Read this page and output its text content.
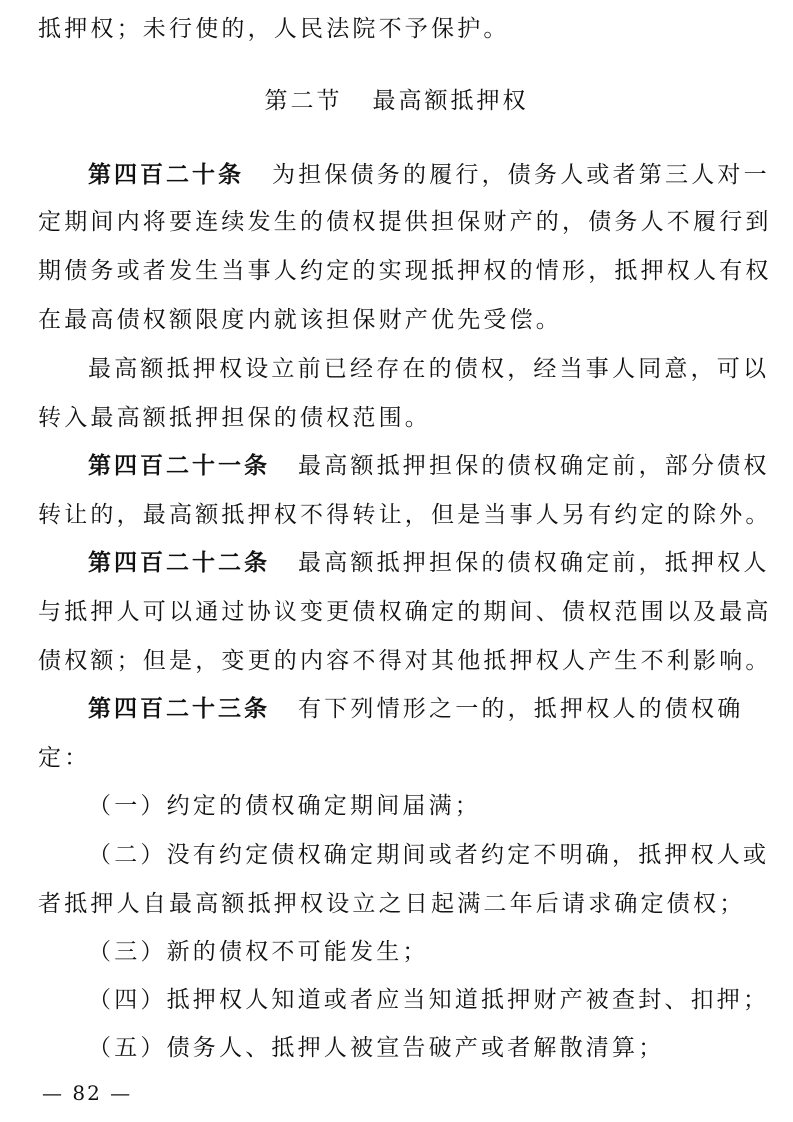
抵押权；未行使的，人民法院不予保护。
第二节 最高额抵押权
第四百二十条 为担保债务的履行，债务人或者第三人对一
定期间内将要连续发生的债权提供担保财产的，债务人不履行到
期债务或者发生当事人约定的实现抵押权的情形，抵押权人有权
在最高债权额限度内就该担保财产优先受偿。
最高额抵押权设立前已经存在的债权，经当事人同意，可以
转入最高额抵押担保的债权范围。
第四百二十一条 最高额抵押担保的债权确定前，部分债权
转让的，最高额抵押权不得转让，但是当事人另有约定的除外。
第四百二十二条 最高额抵押担保的债权确定前，抵押权人
与抵押人可以通过协议变更债权确定的期间、债权范围以及最高
债权额；但是，变更的内容不得对其他抵押权人产生不利影响。
第四百二十三条 有下列情形之一的，抵押权人的债权确
定：
（一）约定的债权确定期间届满；
（二）没有约定债权确定期间或者约定不明确，抵押权人或
者抵押人自最高额抵押权设立之日起满二年后请求确定债权；
（三）新的债权不可能发生；
（四）抵押权人知道或者应当知道抵押财产被查封、扣押；
（五）债务人、抵押人被宣告破产或者解散清算；
— 82 —
